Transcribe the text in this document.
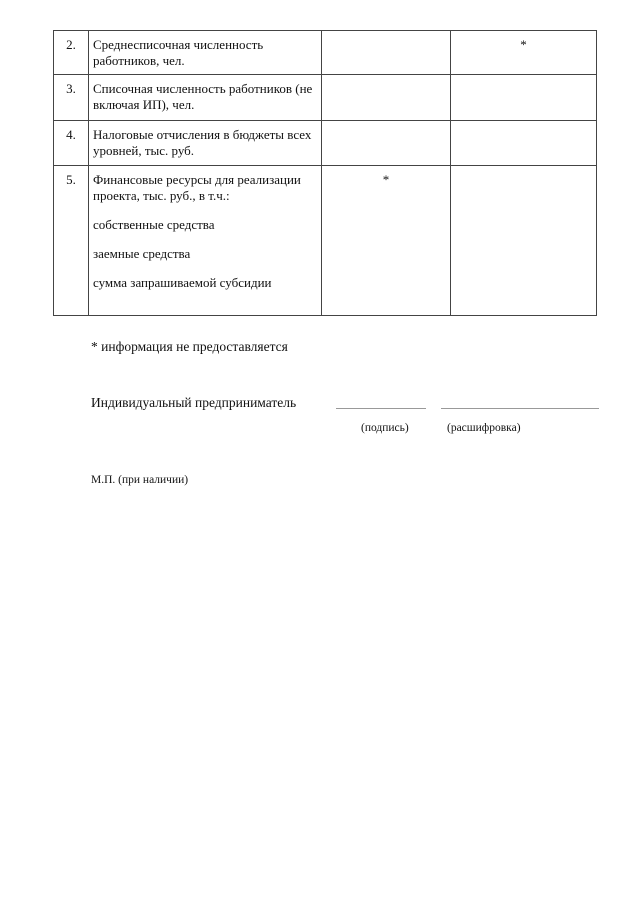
2.	Среднесписочная численность работников, чел.		*

3.	Списочная численность работников (не включая ИП), чел.		

4.	Налоговые отчисления в бюджеты всех уровней, тыс. руб.		

5.	Финансовые ресурсы для реализации проекта, тыс. руб., в т.ч.:
собственные средства
заемные средства
сумма запрашиваемой субсидии	*	

* информация не предоставляется
Индивидуальный предприниматель
(подпись)	(расшифровка)
М.П. (при наличии)
